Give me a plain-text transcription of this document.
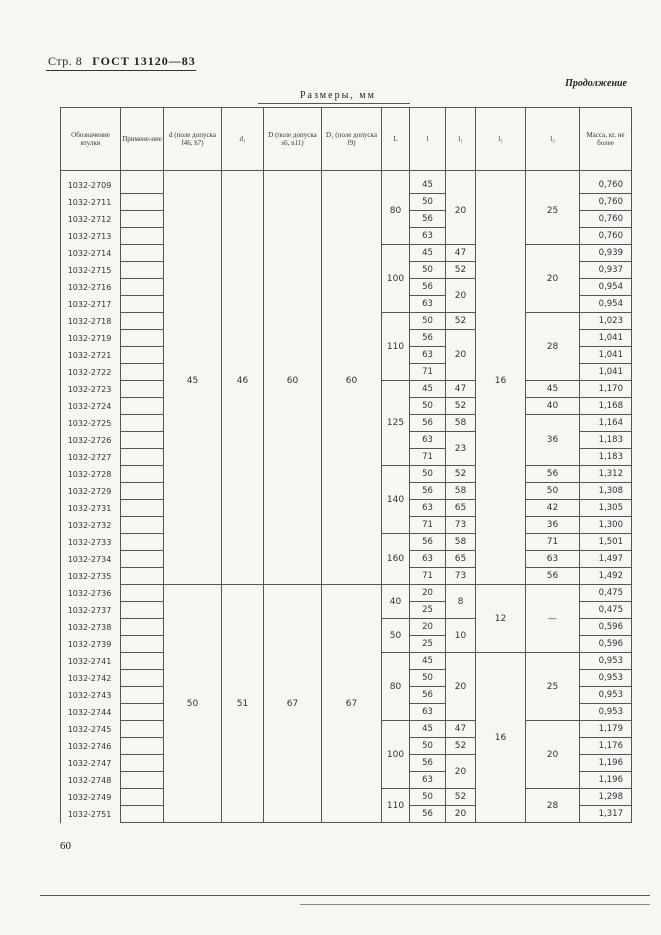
Стр. 8 ГОСТ 13120—83
Продолжение
Размеры, мм
Обозначение втулки	Примене-ние	d (поле допуска f46, h7)	d₁	D (поле допуска s6, n11)	D₁ (поле допуска f9)	L	l	l₁	l₂	l₃	Масса, кг, не более

1032-2709		45	46	60	60	80	45	20	16	25	0,760
1032-2711							50				0,760
1032-2712							56				0,760
1032-2713							63				0,760
1032-2714						100	45	47		20	0,939
1032-2715							50	52			0,937
1032-2716							56	20			0,954
1032-2717							63				0,954
1032-2718						110	50	52		28	1,023
1032-2719							56	20			1,041
1032-2721							63				1,041
1032-2722							71				1,041
1032-2723						125	45	47		45	1,170
1032-2724							50	52		40	1,168
1032-2725							56	58		36	1,164
1032-2726							63	23			1,183
1032-2727							71				1,183
1032-2728						140	50	52		56	1,312
1032-2729							56	58		50	1,308
1032-2731							63	65		42	1,305
1032-2732							71	73		36	1,300
1032-2733						160	56	58		71	1,501
1032-2734							63	65		63	1,497
1032-2735							71	73		56	1,492
1032-2736		50	51	67	67	40	20	8	12	—	0,475
1032-2737							25				0,475
1032-2738						50	20	10			0,596
1032-2739							25				0,596
1032-2741						80	45	20	16	25	0,953
1032-2742							50				0,953
1032-2743							56				0,953
1032-2744							63				0,953
1032-2745						100	45	47		20	1,179
1032-2746							50	52			1,176
1032-2747							56	20			1,196
1032-2748							63				1,196
1032-2749						110	50	52		28	1,298
1032-2751							56	20			1,317
60
